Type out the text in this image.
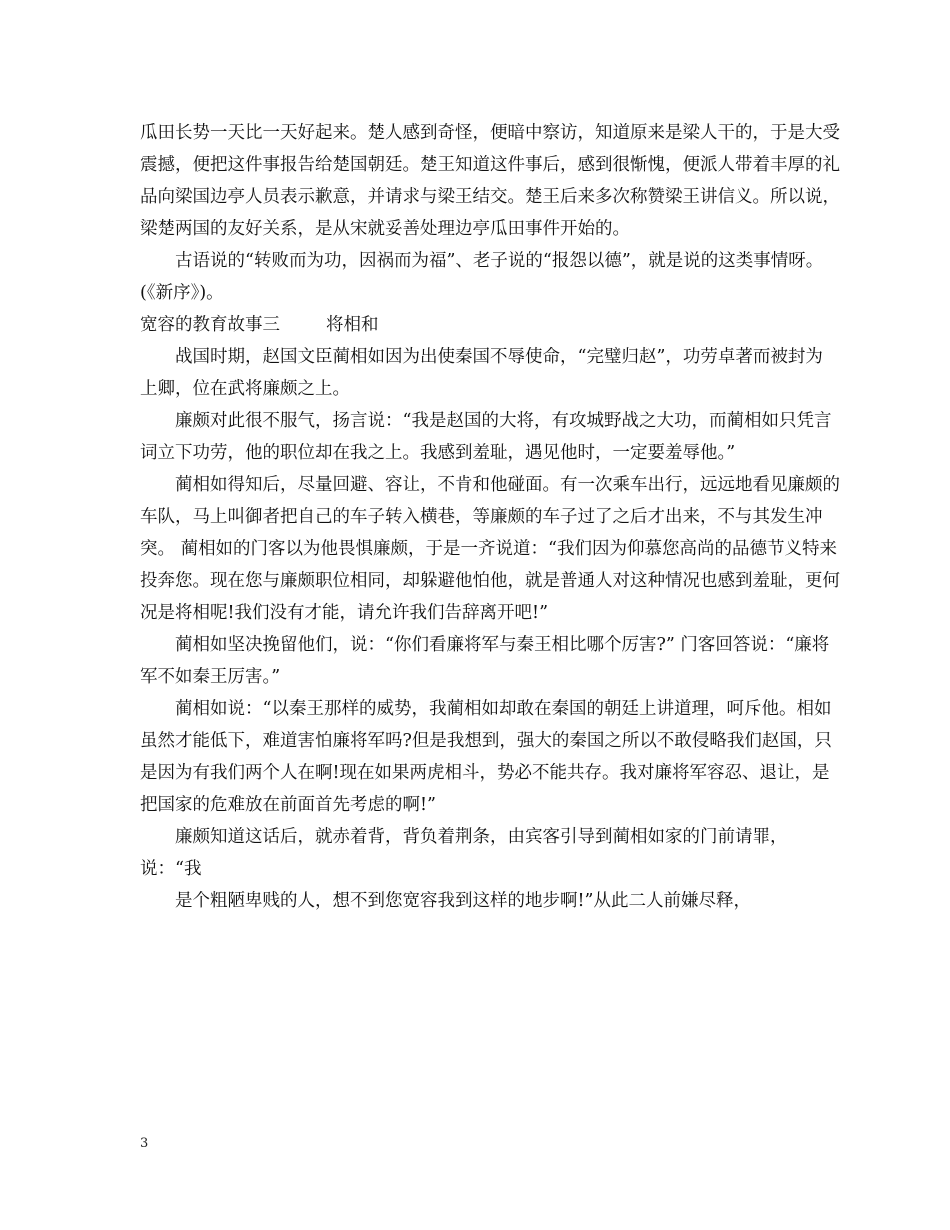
瓜田长势一天比一天好起来。楚人感到奇怪，便暗中察访，知道原来是梁人干的，于是大受震撼，便把这件事报告给楚国朝廷。楚王知道这件事后，感到很惭愧，便派人带着丰厚的礼品向梁国边亭人员表示歉意，并请求与梁王结交。楚王后来多次称赞梁王讲信义。所以说，梁楚两国的友好关系，是从宋就妥善处理边亭瓜田事件开始的。

古语说的“转败而为功，因祸而为福”、老子说的“报怨以德”，就是说的这类事情呀。(《新序》)。

宽容的教育故事三	将相和

战国时期，赵国文臣蔺相如因为出使秦国不辱使命，“完璧归赵”，功劳卓著而被封为上卿，位在武将廉颇之上。

廉颇对此很不服气，扬言说：“我是赵国的大将，有攻城野战之大功，而蔺相如只凭言词立下功劳，他的职位却在我之上。我感到羞耻，遇见他时，一定要羞辱他。”

蔺相如得知后，尽量回避、容让，不肯和他碰面。有一次乘车出行，远远地看见廉颇的车队，马上叫御者把自己的车子转入横巷，等廉颇的车子过了之后才出来，不与其发生冲突。 蔺相如的门客以为他畏惧廉颇，于是一齐说道：“我们因为仰慕您高尚的品德节义特来投奔您。现在您与廉颇职位相同，却躲避他怕他，就是普通人对这种情况也感到羞耻，更何况是将相呢!我们没有才能，请允许我们告辞离开吧!”

蔺相如坚决挽留他们，说：“你们看廉将军与秦王相比哪个厉害?” 门客回答说：“廉将军不如秦王厉害。”

蔺相如说：“以秦王那样的威势，我蔺相如却敢在秦国的朝廷上讲道理，呵斥他。相如虽然才能低下，难道害怕廉将军吗?但是我想到，强大的秦国之所以不敢侵略我们赵国，只是因为有我们两个人在啊!现在如果两虎相斗，势必不能共存。我对廉将军容忍、退让，是把国家的危难放在前面首先考虑的啊!”

廉颇知道这话后，就赤着背，背负着荆条，由宾客引导到蔺相如家的门前请罪，说：“我

是个粗陋卑贱的人，想不到您宽容我到这样的地步啊!”从此二人前嫌尽释，

3
